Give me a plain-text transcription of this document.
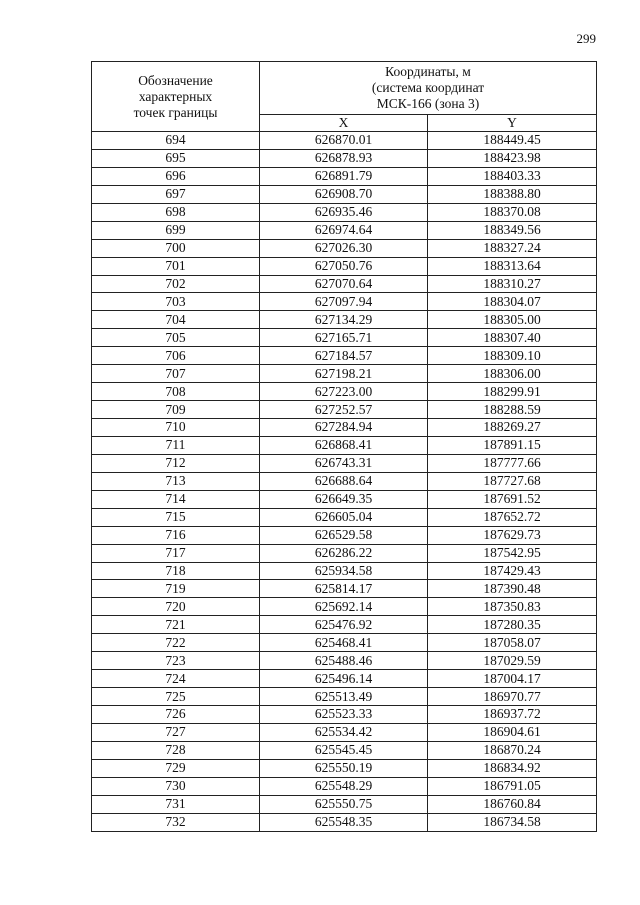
299
Обозначение
характерных
точек границы	Координаты, м
(система координат
МСК-166 (зона 3)	

	X	Y
694	626870.01	188449.45
695	626878.93	188423.98
696	626891.79	188403.33
697	626908.70	188388.80
698	626935.46	188370.08
699	626974.64	188349.56
700	627026.30	188327.24
701	627050.76	188313.64
702	627070.64	188310.27
703	627097.94	188304.07
704	627134.29	188305.00
705	627165.71	188307.40
706	627184.57	188309.10
707	627198.21	188306.00
708	627223.00	188299.91
709	627252.57	188288.59
710	627284.94	188269.27
711	626868.41	187891.15
712	626743.31	187777.66
713	626688.64	187727.68
714	626649.35	187691.52
715	626605.04	187652.72
716	626529.58	187629.73
717	626286.22	187542.95
718	625934.58	187429.43
719	625814.17	187390.48
720	625692.14	187350.83
721	625476.92	187280.35
722	625468.41	187058.07
723	625488.46	187029.59
724	625496.14	187004.17
725	625513.49	186970.77
726	625523.33	186937.72
727	625534.42	186904.61
728	625545.45	186870.24
729	625550.19	186834.92
730	625548.29	186791.05
731	625550.75	186760.84
732	625548.35	186734.58
